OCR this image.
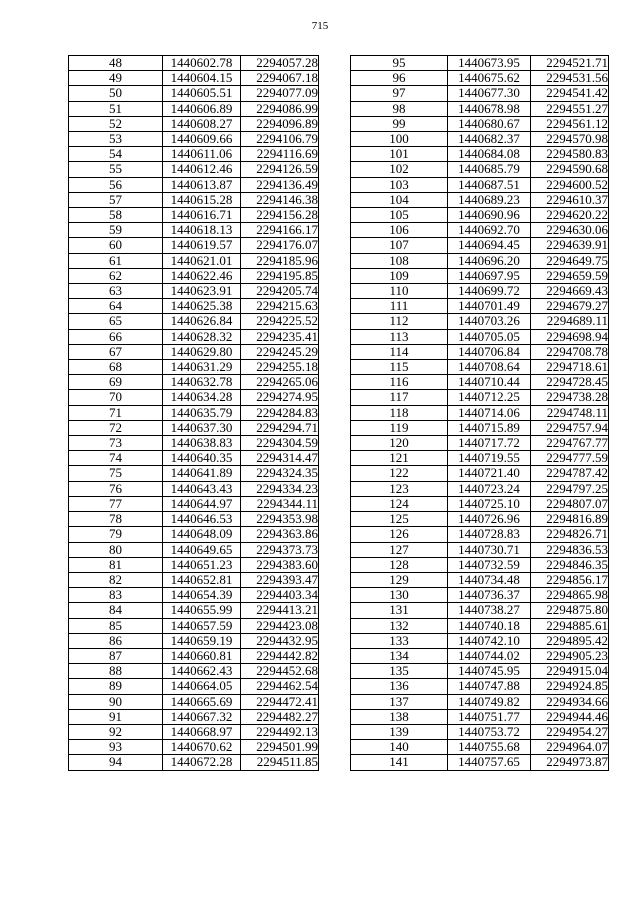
715
48	1440602.78	2294057.28
49	1440604.15	2294067.18
50	1440605.51	2294077.09
51	1440606.89	2294086.99
52	1440608.27	2294096.89
53	1440609.66	2294106.79
54	1440611.06	2294116.69
55	1440612.46	2294126.59
56	1440613.87	2294136.49
57	1440615.28	2294146.38
58	1440616.71	2294156.28
59	1440618.13	2294166.17
60	1440619.57	2294176.07
61	1440621.01	2294185.96
62	1440622.46	2294195.85
63	1440623.91	2294205.74
64	1440625.38	2294215.63
65	1440626.84	2294225.52
66	1440628.32	2294235.41
67	1440629.80	2294245.29
68	1440631.29	2294255.18
69	1440632.78	2294265.06
70	1440634.28	2294274.95
71	1440635.79	2294284.83
72	1440637.30	2294294.71
73	1440638.83	2294304.59
74	1440640.35	2294314.47
75	1440641.89	2294324.35
76	1440643.43	2294334.23
77	1440644.97	2294344.11
78	1440646.53	2294353.98
79	1440648.09	2294363.86
80	1440649.65	2294373.73
81	1440651.23	2294383.60
82	1440652.81	2294393.47
83	1440654.39	2294403.34
84	1440655.99	2294413.21
85	1440657.59	2294423.08
86	1440659.19	2294432.95
87	1440660.81	2294442.82
88	1440662.43	2294452.68
89	1440664.05	2294462.54
90	1440665.69	2294472.41
91	1440667.32	2294482.27
92	1440668.97	2294492.13
93	1440670.62	2294501.99
94	1440672.28	2294511.85
95	1440673.95	2294521.71
96	1440675.62	2294531.56
97	1440677.30	2294541.42
98	1440678.98	2294551.27
99	1440680.67	2294561.12
100	1440682.37	2294570.98
101	1440684.08	2294580.83
102	1440685.79	2294590.68
103	1440687.51	2294600.52
104	1440689.23	2294610.37
105	1440690.96	2294620.22
106	1440692.70	2294630.06
107	1440694.45	2294639.91
108	1440696.20	2294649.75
109	1440697.95	2294659.59
110	1440699.72	2294669.43
111	1440701.49	2294679.27
112	1440703.26	2294689.11
113	1440705.05	2294698.94
114	1440706.84	2294708.78
115	1440708.64	2294718.61
116	1440710.44	2294728.45
117	1440712.25	2294738.28
118	1440714.06	2294748.11
119	1440715.89	2294757.94
120	1440717.72	2294767.77
121	1440719.55	2294777.59
122	1440721.40	2294787.42
123	1440723.24	2294797.25
124	1440725.10	2294807.07
125	1440726.96	2294816.89
126	1440728.83	2294826.71
127	1440730.71	2294836.53
128	1440732.59	2294846.35
129	1440734.48	2294856.17
130	1440736.37	2294865.98
131	1440738.27	2294875.80
132	1440740.18	2294885.61
133	1440742.10	2294895.42
134	1440744.02	2294905.23
135	1440745.95	2294915.04
136	1440747.88	2294924.85
137	1440749.82	2294934.66
138	1440751.77	2294944.46
139	1440753.72	2294954.27
140	1440755.68	2294964.07
141	1440757.65	2294973.87
